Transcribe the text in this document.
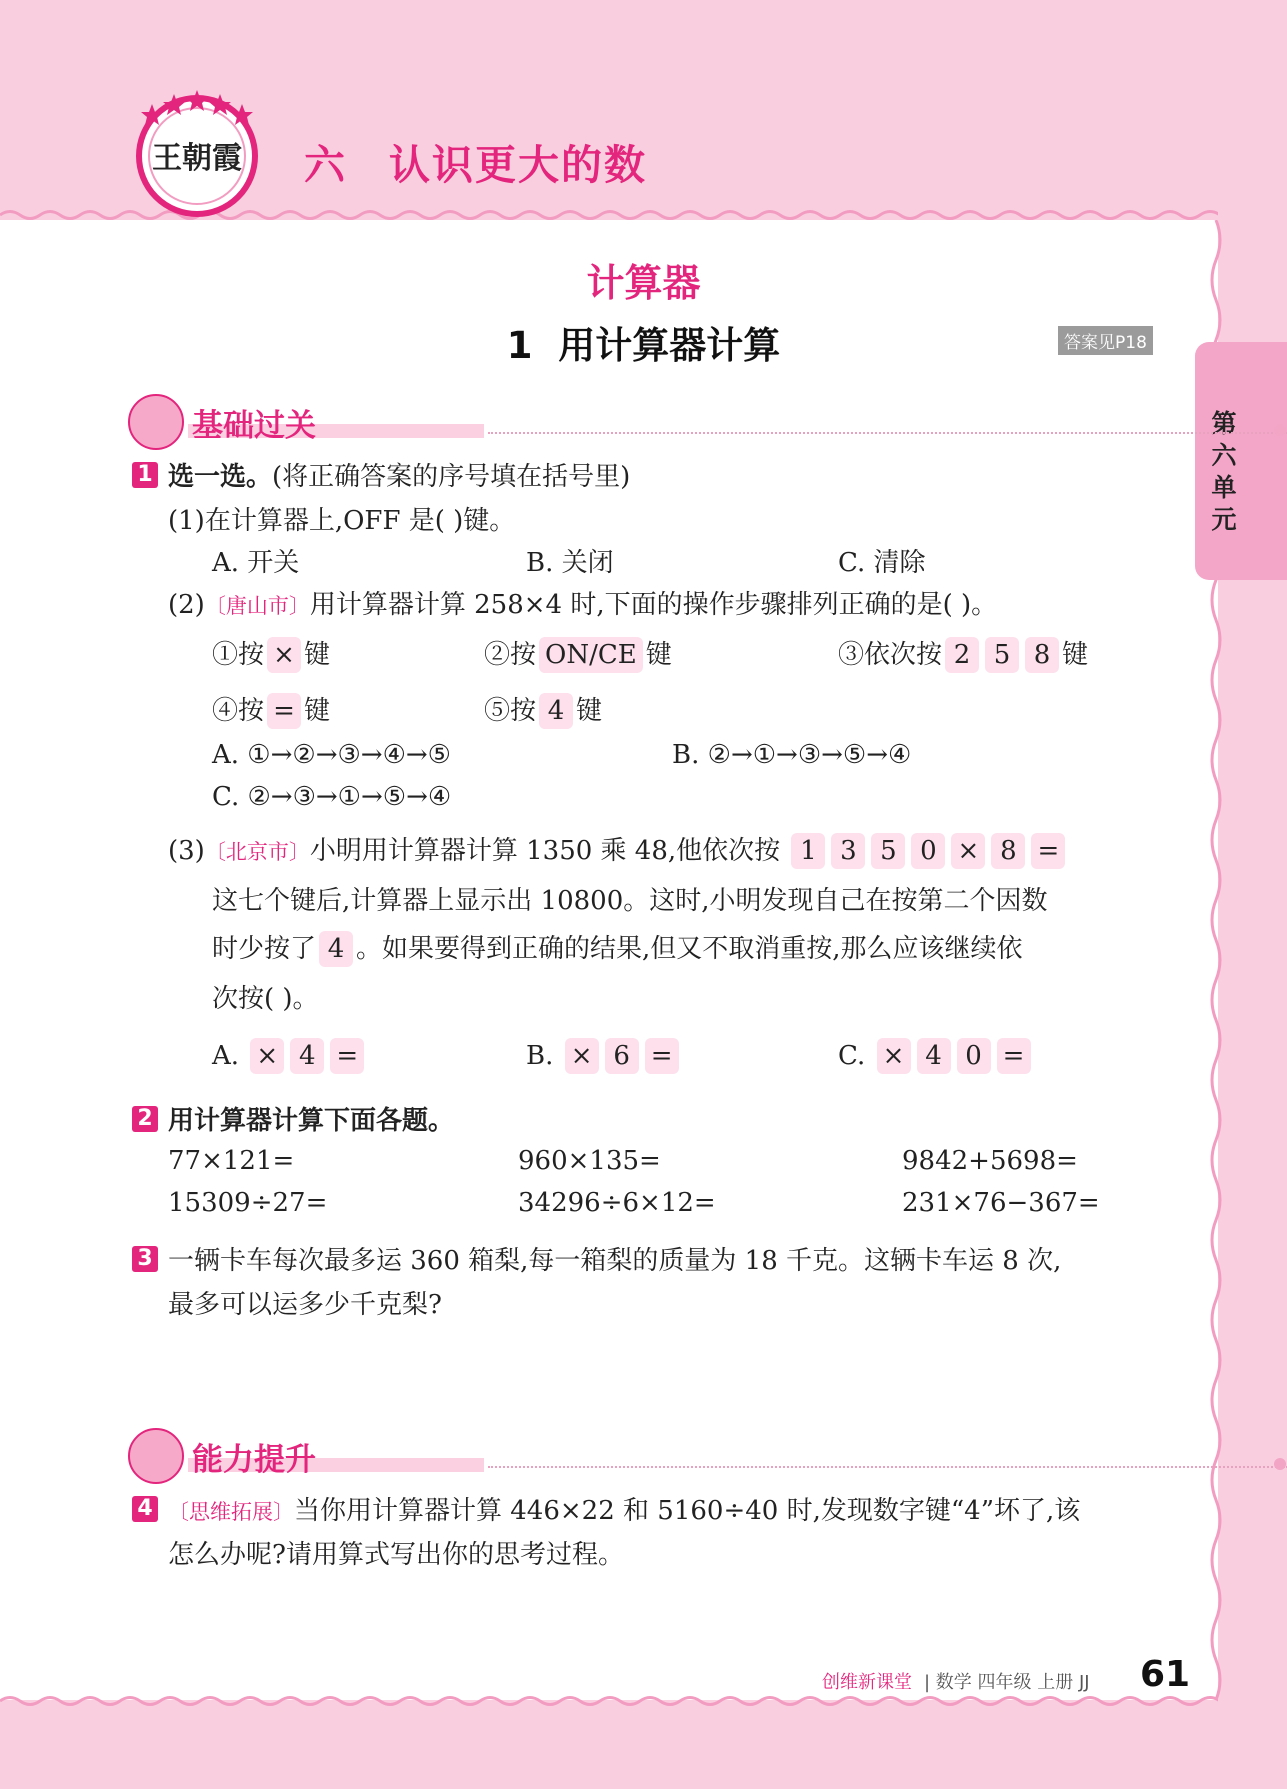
王朝霞 六 认识更大的数
第六单元
计算器
1 用计算器计算	答案见P18
基础过关
1 选一选。(将正确答案的序号填在括号里)
(1)在计算器上,OFF 是( )键。
A. 开关	B. 关闭	C. 清除
(2)〔唐山市〕用计算器计算 258×4 时,下面的操作步骤排列正确的是( )。
①按 × 键	②按 ON/CE 键	③依次按 2 5 8 键
④按 = 键	⑤按 4 键
A. ①→②→③→④→⑤	B. ②→①→③→⑤→④
C. ②→③→①→⑤→④
(3)〔北京市〕小明用计算器计算 1350 乘 48,他依次按 1 3 5 0 × 8 =
这七个键后,计算器上显示出 10800。这时,小明发现自己在按第二个因数
时少按了 4 。如果要得到正确的结果,但又不取消重按,那么应该继续依
次按( )。
A. × 4 =	B. × 6 =	C. × 4 0 =
2 用计算器计算下面各题。
77×121=	960×135=	9842+5698=
15309÷27=	34296÷6×12=	231×76−367=
3 一辆卡车每次最多运 360 箱梨,每一箱梨的质量为 18 千克。这辆卡车运 8 次,
最多可以运多少千克梨?
能力提升
4 〔思维拓展〕当你用计算器计算 446×22 和 5160÷40 时,发现数字键“4”坏了,该
怎么办呢?请用算式写出你的思考过程。
创维新课堂 | 数学 四年级 上册 JJ 61
